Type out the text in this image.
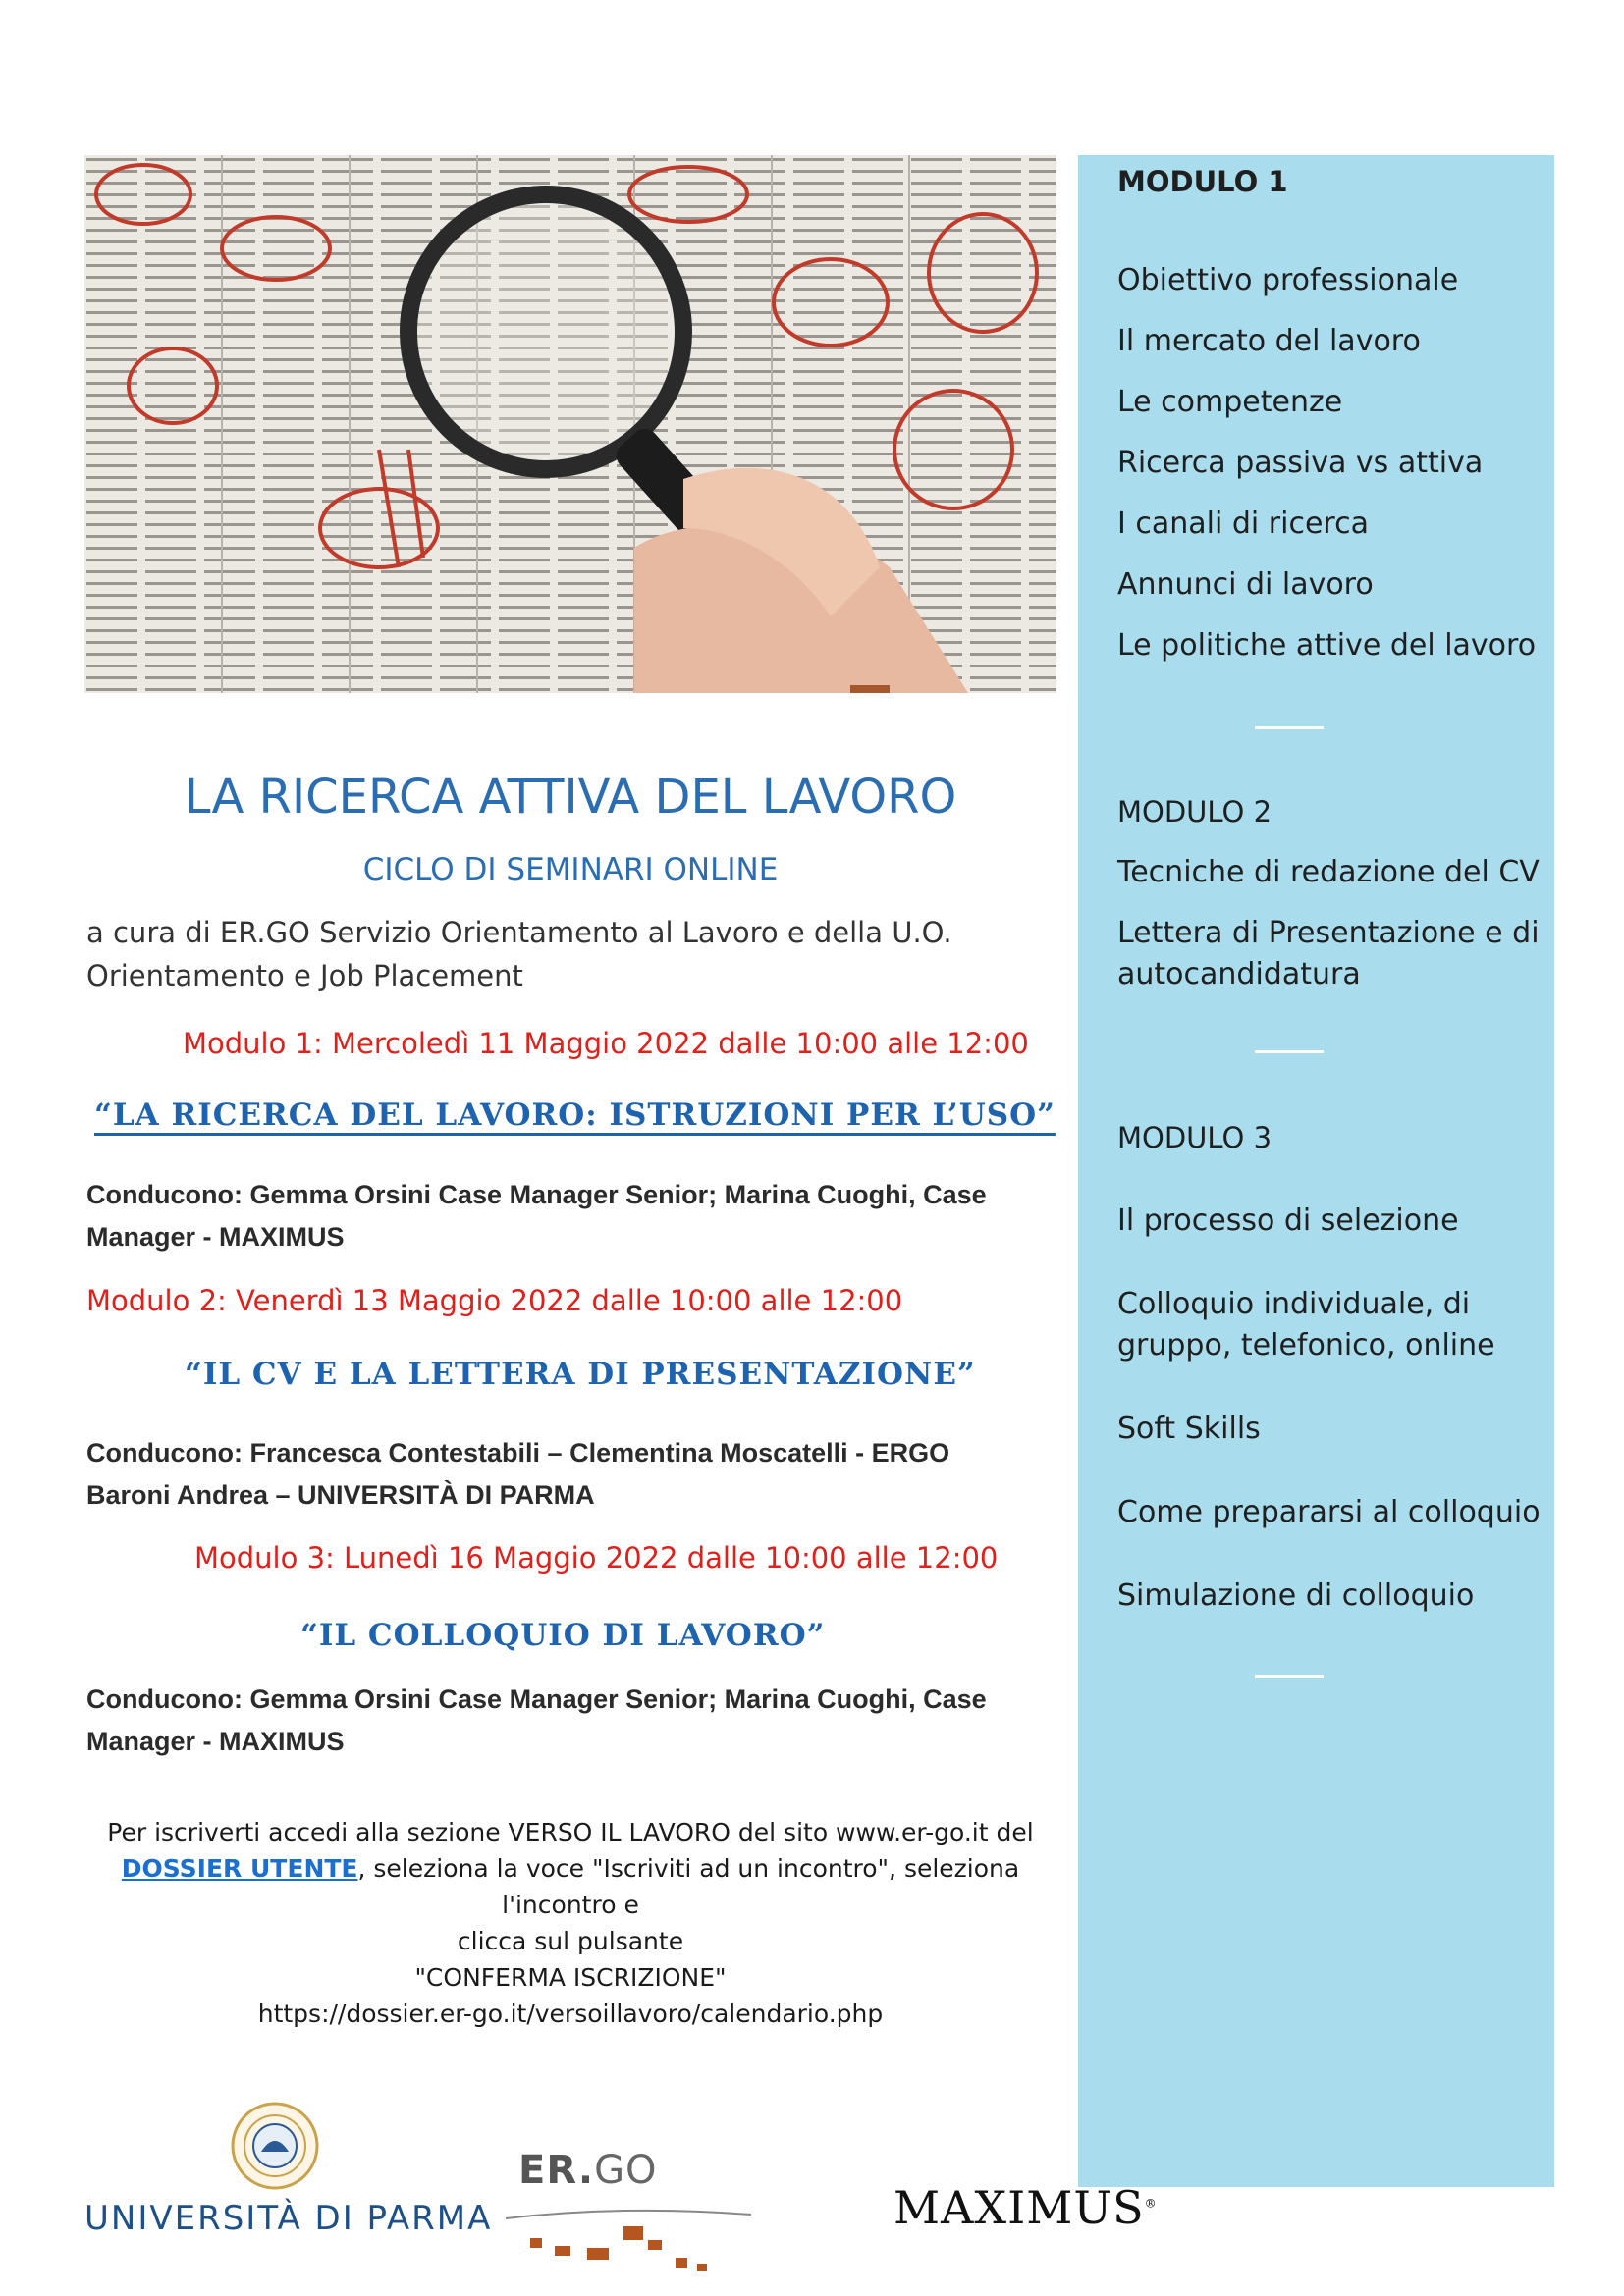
MODULO 1
Obiettivo professionale
Il mercato del lavoro
Le competenze
Ricerca passiva vs attiva
I canali di ricerca
Annunci di lavoro
Le politiche attive del lavoro
MODULO 2
Tecniche di redazione del CV
Lettera di Presentazione e di
autocandidatura
MODULO 3
Il processo di selezione
Colloquio individuale, di
gruppo, telefonico, online
Soft Skills
Come prepararsi al colloquio
Simulazione di colloquio
LA RICERCA ATTIVA DEL LAVORO
CICLO DI SEMINARI ONLINE
a cura di ER.GO Servizio Orientamento al Lavoro e della U.O.
Orientamento e Job Placement
Modulo 1: Mercoledì 11 Maggio 2022 dalle 10:00 alle 12:00
“LA RICERCA DEL LAVORO: ISTRUZIONI PER L’USO”
Conducono: Gemma Orsini Case Manager Senior; Marina Cuoghi, Case
Manager - MAXIMUS
Modulo 2: Venerdì 13 Maggio 2022 dalle 10:00 alle 12:00
“IL CV E LA LETTERA DI PRESENTAZIONE”
Conducono: Francesca Contestabili – Clementina Moscatelli - ERGO
Baroni Andrea – UNIVERSITÀ DI PARMA
Modulo 3: Lunedì 16 Maggio 2022 dalle 10:00 alle 12:00
“IL COLLOQUIO DI LAVORO”
Conducono: Gemma Orsini Case Manager Senior; Marina Cuoghi, Case
Manager - MAXIMUS
Per iscriverti accedi alla sezione VERSO IL LAVORO del sito www.er-go.it del
DOSSIER UTENTE, seleziona la voce "Iscriviti ad un incontro", seleziona l'incontro e
clicca sul pulsante
"CONFERMA ISCRIZIONE"
https://dossier.er-go.it/versoillavoro/calendario.php
UNIVERSITÀ DI PARMA
ER.GO
MAXIMUS®
